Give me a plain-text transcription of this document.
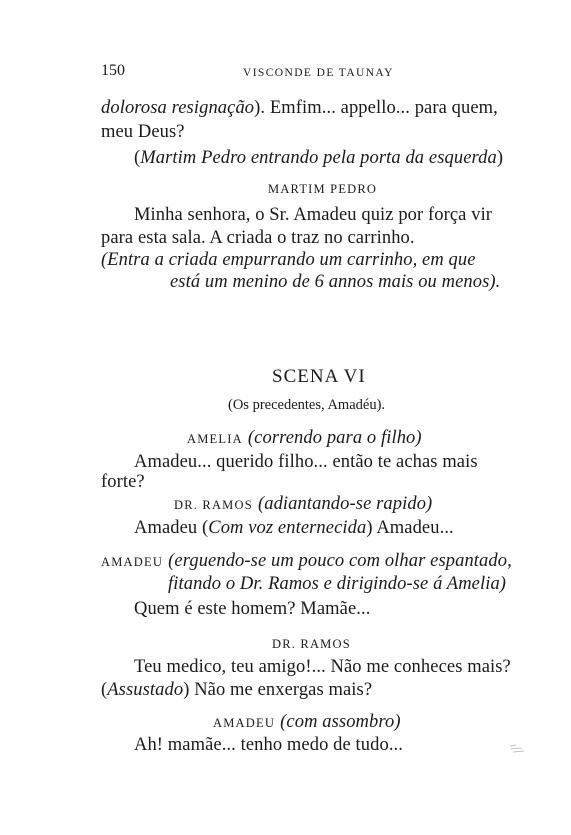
150	VISCONDE DE TAUNAY
dolorosa resignação). Emfim... appello... para quem,
meu Deus?
(Martim Pedro entrando pela porta da esquerda)
MARTIM PEDRO
Minha senhora, o Sr. Amadeu quiz por força vir
para esta sala. A criada o traz no carrinho.
(Entra a criada empurrando um carrinho, em que
está um menino de 6 annos mais ou menos).
SCENA VI
(Os precedentes, Amadéu).
AMELIA (correndo para o filho)
Amadeu... querido filho... então te achas mais
forte?
DR. RAMOS (adiantando-se rapido)
Amadeu (Com voz enternecida) Amadeu...
AMADEU (erguendo-se um pouco com olhar espantado,
fitando o Dr. Ramos e dirigindo-se á Amelia)
Quem é este homem? Mamãe...
DR. RAMOS
Teu medico, teu amigo!... Não me conheces mais?
(Assustado) Não me enxergas mais?
AMADEU (com assombro)
Ah! mamãe... tenho medo de tudo...
